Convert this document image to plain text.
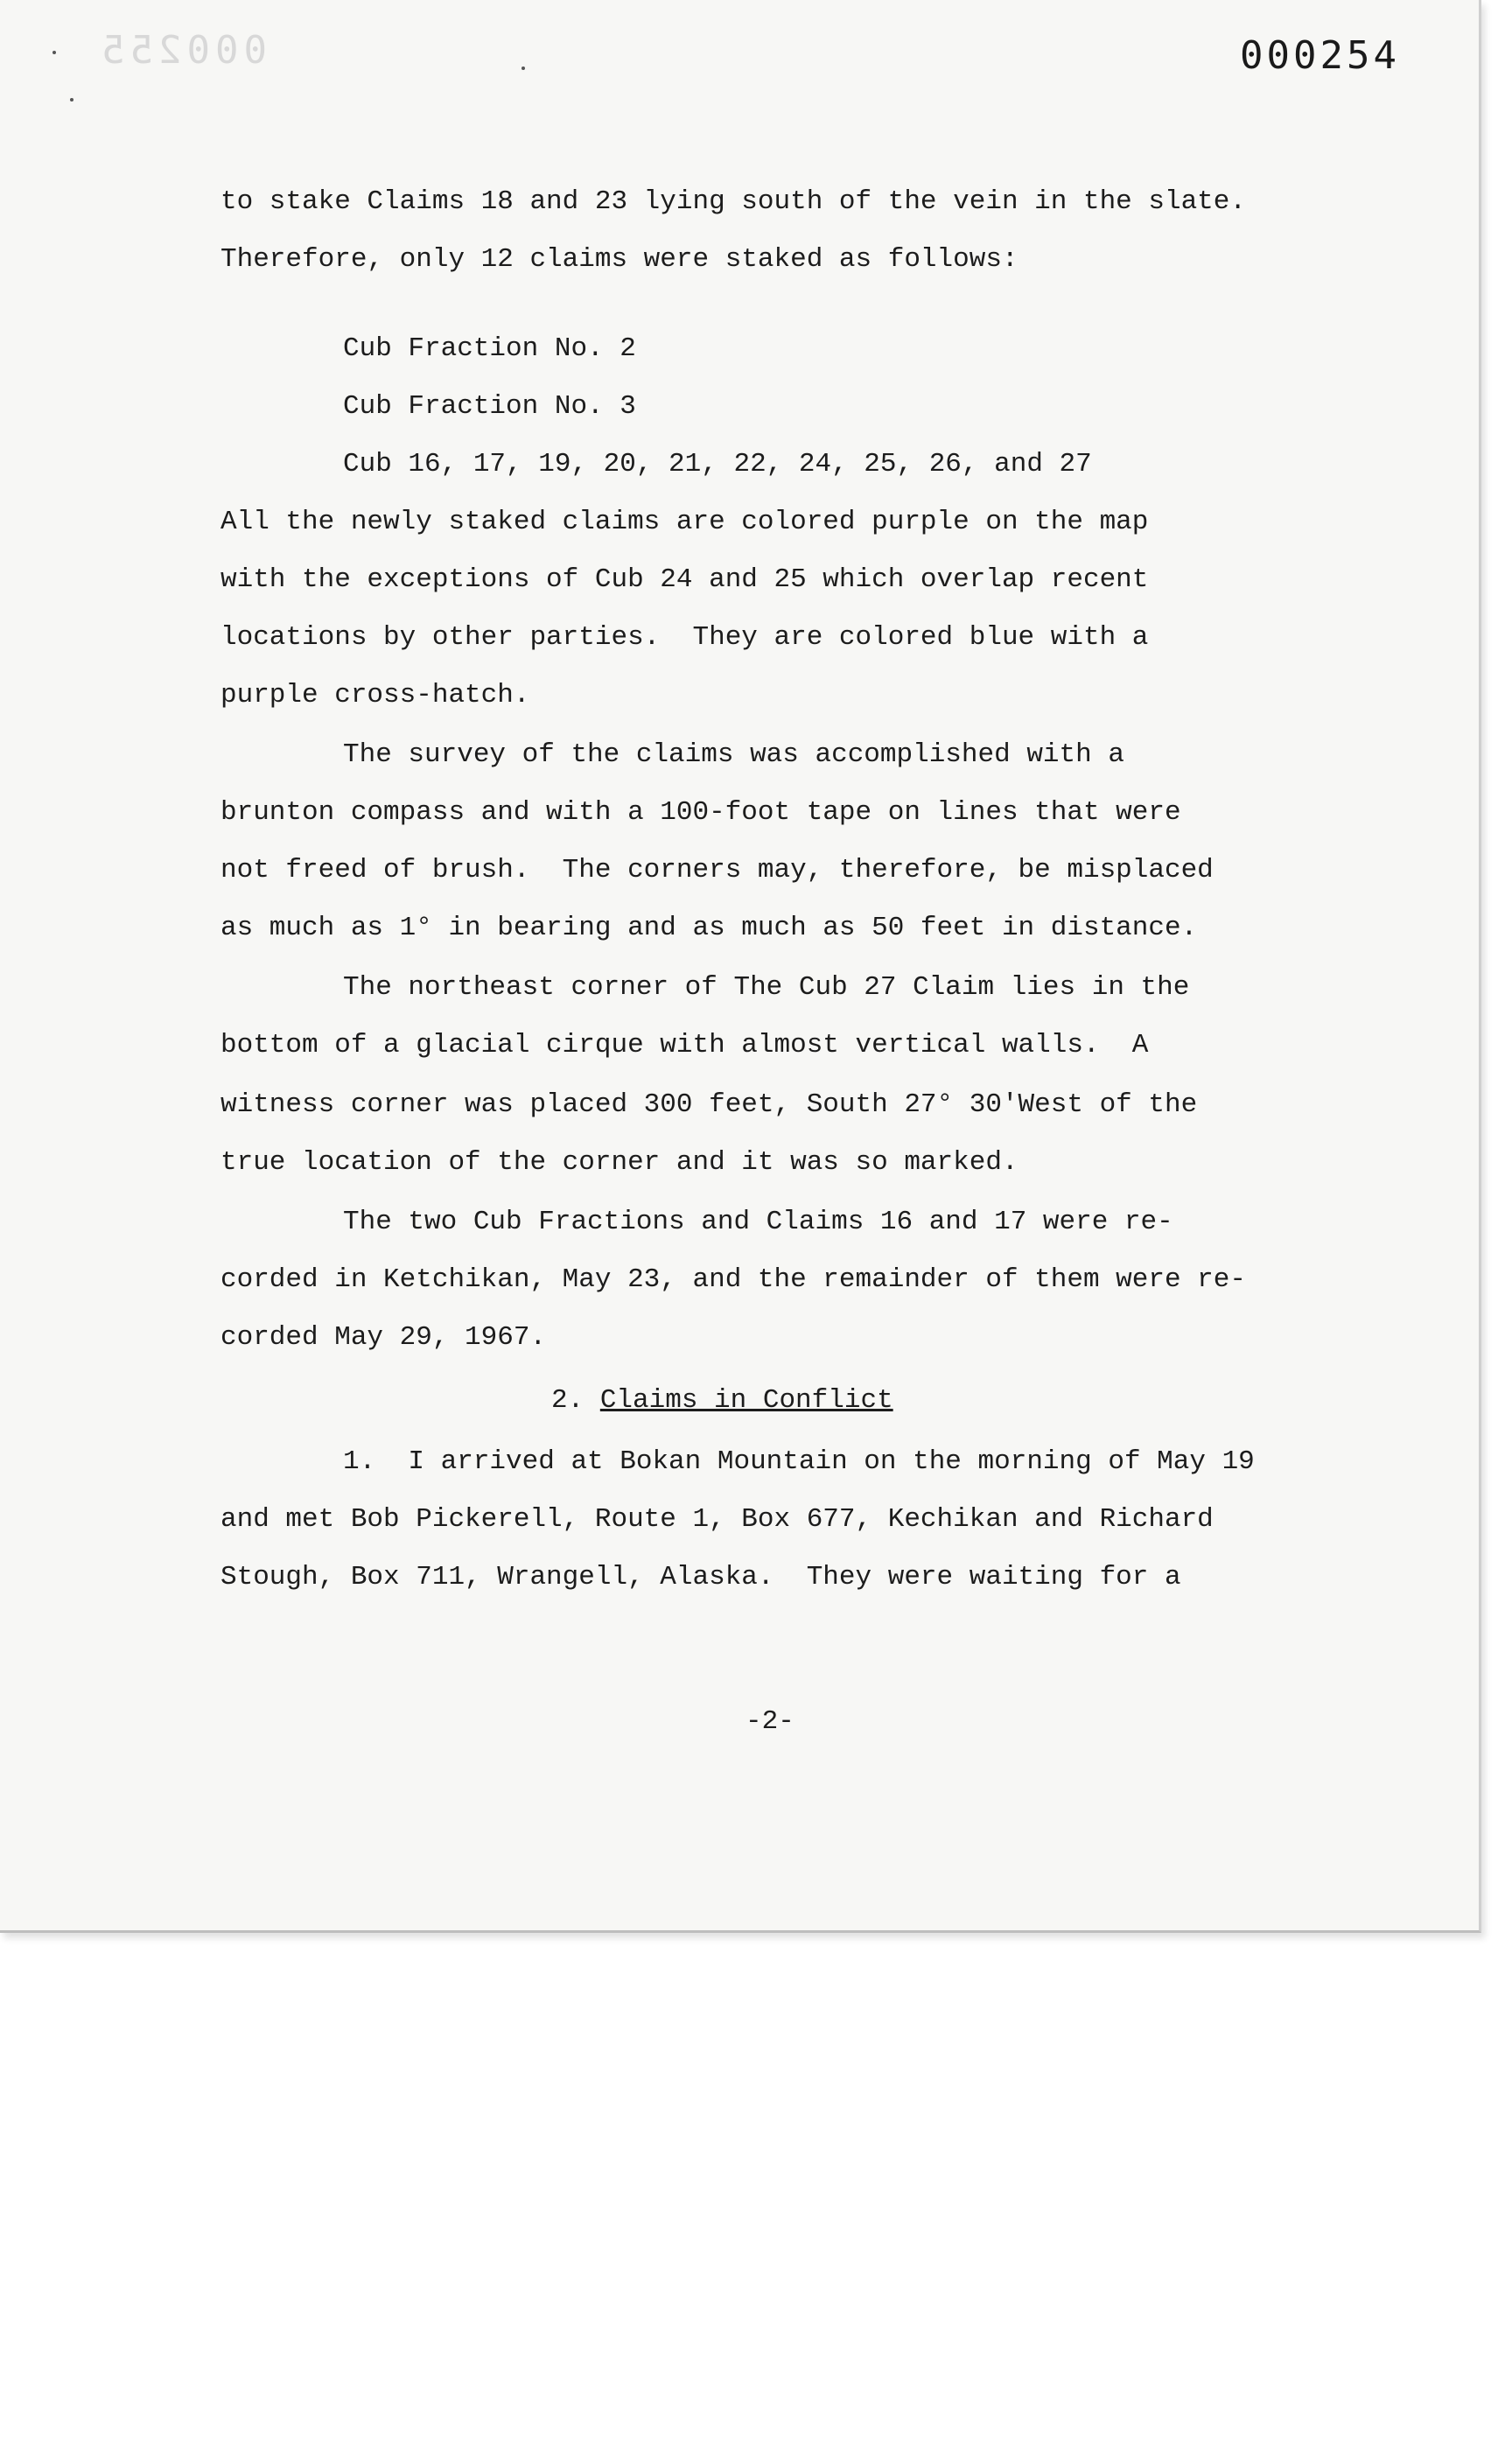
000255	000254
to stake Claims 18 and 23 lying south of the vein in the slate.
Therefore, only 12 claims were staked as follows:
Cub Fraction No. 2
Cub Fraction No. 3
Cub 16, 17, 19, 20, 21, 22, 24, 25, 26, and 27
All the newly staked claims are colored purple on the map
with the exceptions of Cub 24 and 25 which overlap recent
locations by other parties.  They are colored blue with a
purple cross-hatch.
The survey of the claims was accomplished with a
brunton compass and with a 100-foot tape on lines that were
not freed of brush.  The corners may, therefore, be misplaced
as much as 1° in bearing and as much as 50 feet in distance.
The northeast corner of The Cub 27 Claim lies in the
bottom of a glacial cirque with almost vertical walls.  A
witness corner was placed 300 feet, South 27° 30'West of the
true location of the corner and it was so marked.
The two Cub Fractions and Claims 16 and 17 were re-
corded in Ketchikan, May 23, and the remainder of them were re-
corded May 29, 1967.
2. Claims in Conflict
1.  I arrived at Bokan Mountain on the morning of May 19
and met Bob Pickerell, Route 1, Box 677, Kechikan and Richard
Stough, Box 711, Wrangell, Alaska.  They were waiting for a
-2-
